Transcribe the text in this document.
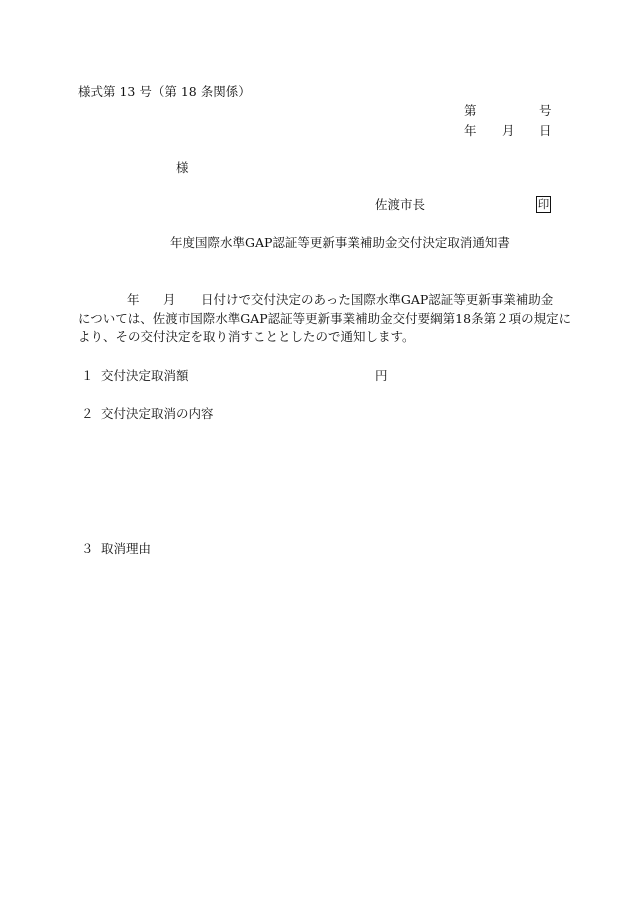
様式第 13 号（第 18 条関係）
第	号
年 月 日
様
佐渡市長	印
年度国際水準GAP認証等更新事業補助金交付決定取消通知書
年 月 日付けで交付決定のあった国際水準GAP認証等更新事業補助金
については、佐渡市国際水準GAP認証等更新事業補助金交付要綱第18条第２項の規定に
より、その交付決定を取り消すこととしたので通知します。
１ 交付決定取消額	円
２ 交付決定取消の内容
３ 取消理由
